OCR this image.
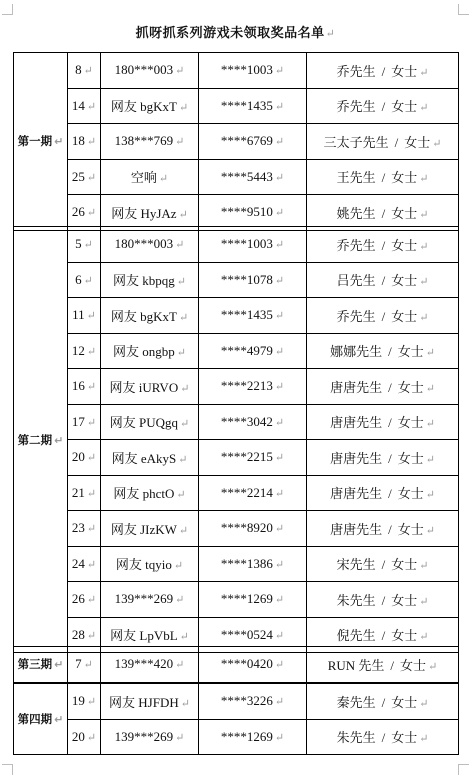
抓呀抓系列游戏未领取奖品名单↵
第一期 ↵	8 ↵	180***003 ↵	****1003 ↵	乔先生 / 女士 ↵
	14 ↵	网友 bgKxT ↵	****1435 ↵	乔先生 / 女士 ↵
	18 ↵	138***769 ↵	****6769 ↵	三太子先生 / 女士 ↵
	25 ↵	空响 ↵	****5443 ↵	王先生 / 女士 ↵
	26 ↵	网友 HyJAz ↵	****9510 ↵	姚先生 / 女士 ↵
第二期 ↵	5 ↵	180***003 ↵	****1003 ↵	乔先生 / 女士 ↵
	6 ↵	网友 kbpqg ↵	****1078 ↵	吕先生 / 女士 ↵
	11 ↵	网友 bgKxT ↵	****1435 ↵	乔先生 / 女士 ↵
	12 ↵	网友 ongbp ↵	****4979 ↵	娜娜先生 / 女士 ↵
	16 ↵	网友 iURVO ↵	****2213 ↵	唐唐先生 / 女士 ↵
	17 ↵	网友 PUQgq ↵	****3042 ↵	唐唐先生 / 女士 ↵
	20 ↵	网友 eAkyS ↵	****2215 ↵	唐唐先生 / 女士 ↵
	21 ↵	网友 phctO ↵	****2214 ↵	唐唐先生 / 女士 ↵
	23 ↵	网友 JIzKW ↵	****8920 ↵	唐唐先生 / 女士 ↵
	24 ↵	网友 tqyio ↵	****1386 ↵	宋先生 / 女士 ↵
	26 ↵	139***269 ↵	****1269 ↵	朱先生 / 女士 ↵
	28 ↵	网友 LpVbL ↵	****0524 ↵	倪先生 / 女士 ↵
第三期 ↵	7 ↵	139***420 ↵	****0420 ↵	RUN 先生 / 女士 ↵
第四期 ↵	19 ↵	网友 HJFDH ↵	****3226 ↵	秦先生 / 女士 ↵
	20 ↵	139***269 ↵	****1269 ↵	朱先生 / 女士 ↵
